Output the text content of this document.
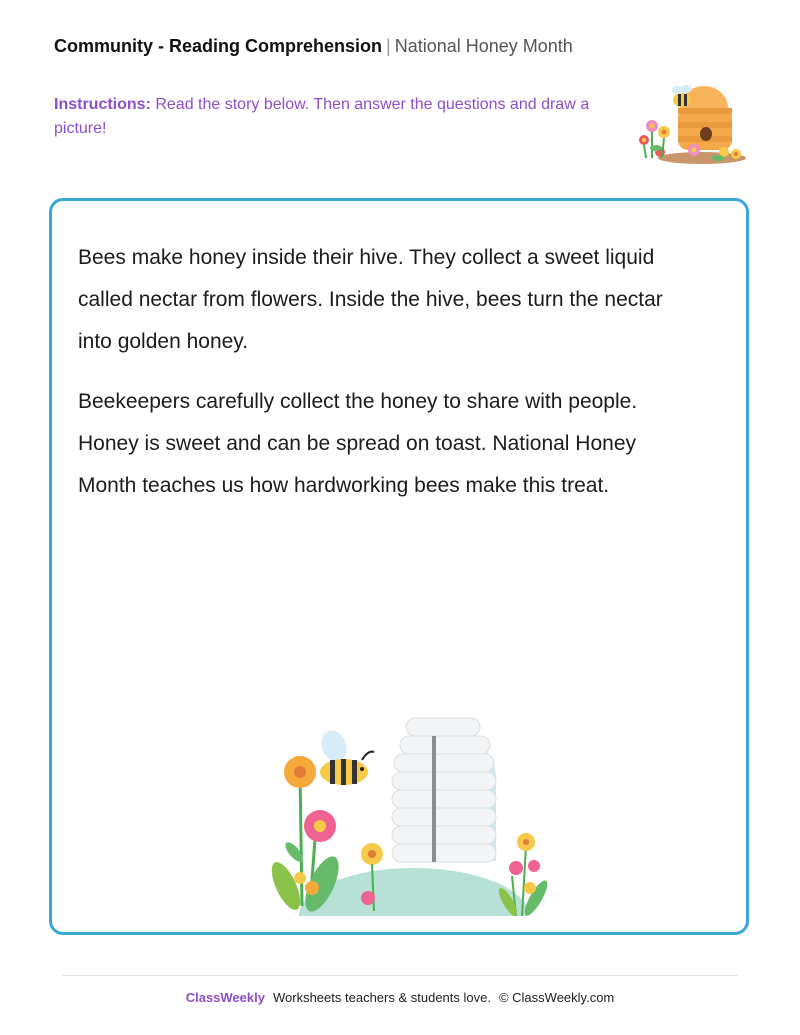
Community - Reading Comprehension | National Honey Month
Instructions: Read the story below. Then answer the questions and draw a picture!

Bees make honey inside their hive. They collect a sweet liquid called nectar from flowers. Inside the hive, bees turn the nectar into golden honey.

Beekeepers carefully collect the honey to share with people. Honey is sweet and can be spread on toast. National Honey Month teaches us how hardworking bees make this treat.

ClassWeekly Worksheets teachers & students love. © ClassWeekly.com
